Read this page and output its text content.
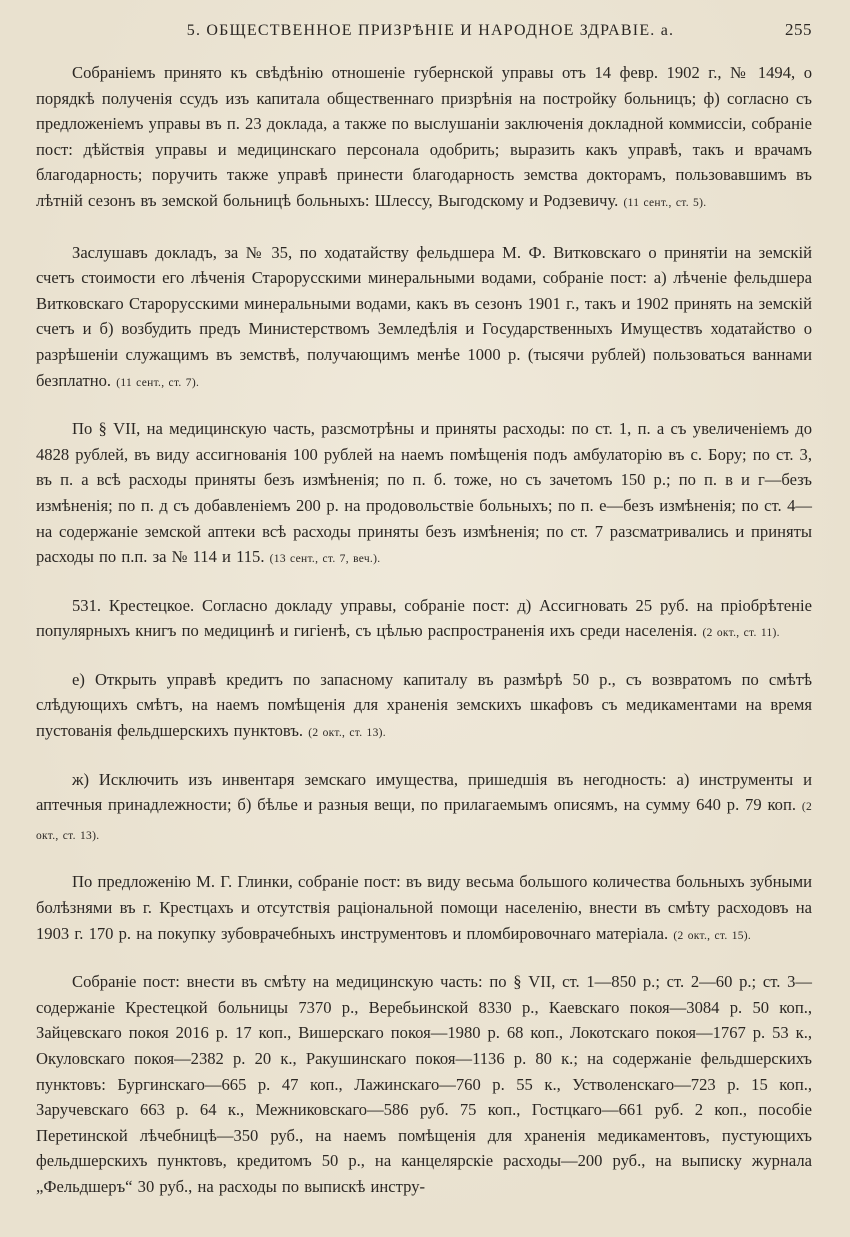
5. ОБЩЕСТВЕННОЕ ПРИЗРѢНІЕ И НАРОДНОЕ ЗДРАВІЕ. а.	255

Собраніемъ принято къ свѣдѣнію отношеніе губернской управы отъ 14 февр. 1902 г., № 1494, о порядкѣ полученія ссудъ изъ капитала общественнаго призрѣнія на постройку больницъ; ф) согласно съ предложеніемъ управы въ п. 23 доклада, а также по выслушаніи заключенія докладной коммиссіи, собраніе пост: дѣйствія управы и медицинскаго персонала одобрить; выразить какъ управѣ, такъ и врачамъ благодарность; поручить также управѣ принести благодарность земства докторамъ, пользовавшимъ въ лѣтній сезонъ въ земской больницѣ больныхъ: Шлессу, Выгодскому и Родзевичу. (11 сент., ст. 5).

Заслушавъ докладъ, за № 35, по ходатайству фельдшера М. Ф. Витковскаго о принятіи на земскій счетъ стоимости его лѣченія Старорусскими минеральными водами, собраніе пост: а) лѣченіе фельдшера Витковскаго Старорусскими минеральными водами, какъ въ сезонъ 1901 г., такъ и 1902 принять на земскій счетъ и б) возбудить предъ Министерствомъ Земледѣлія и Государственныхъ Имуществъ ходатайство о разрѣшеніи служащимъ въ земствѣ, получающимъ менѣе 1000 р. (тысячи рублей) пользоваться ваннами безплатно. (11 сент., ст. 7).

По § VII, на медицинскую часть, разсмотрѣны и приняты расходы: по ст. 1, п. а съ увеличеніемъ до 4828 рублей, въ виду ассигнованія 100 рублей на наемъ помѣщенія подъ амбулаторію въ с. Бору; по ст. 3, въ п. а всѣ расходы приняты безъ измѣненія; по п. б. тоже, но съ зачетомъ 150 р.; по п. в и г—безъ измѣненія; по п. д съ добавленіемъ 200 р. на продовольствіе больныхъ; по п. е—безъ измѣненія; по ст. 4—на содержаніе земской аптеки всѣ расходы приняты безъ измѣненія; по ст. 7 разсматривались и приняты расходы по п.п. за № 114 и 115. (13 сент., ст. 7, веч.).

531. Крестецкое. Согласно докладу управы, собраніе пост: д) Ассигновать 25 руб. на пріобрѣтеніе популярныхъ книгъ по медицинѣ и гигіенѣ, съ цѣлью распространенія ихъ среди населенія. (2 окт., ст. 11).

е) Открыть управѣ кредитъ по запасному капиталу въ размѣрѣ 50 р., съ возвратомъ по смѣтѣ слѣдующихъ смѣтъ, на наемъ помѣщенія для храненія земскихъ шкафовъ съ медикаментами на время пустованія фельдшерскихъ пунктовъ. (2 окт., ст. 13).

ж) Исключить изъ инвентаря земскаго имущества, пришедшія въ негодность: а) инструменты и аптечныя принадлежности; б) бѣлье и разныя вещи, по прилагаемымъ описямъ, на сумму 640 р. 79 коп. (2 окт., ст. 13).

По предложенію М. Г. Глинки, собраніе пост: въ виду весьма большого количества больныхъ зубными болѣзнями въ г. Крестцахъ и отсутствія раціональной помощи населенію, внести въ смѣту расходовъ на 1903 г. 170 р. на покупку зубоврачебныхъ инструментовъ и пломбировочнаго матеріала. (2 окт., ст. 15).

Собраніе пост: внести въ смѣту на медицинскую часть: по § VII, ст. 1—850 р.; ст. 2—60 р.; ст. 3—содержаніе Крестецкой больницы 7370 р., Веребьинской 8330 р., Каевскаго покоя—3084 р. 50 коп., Зайцевскаго покоя 2016 р. 17 коп., Вишерскаго покоя—1980 р. 68 коп., Локотскаго покоя—1767 р. 53 к., Окуловскаго покоя—2382 р. 20 к., Ракушинскаго покоя—1136 р. 80 к.; на содержаніе фельдшерскихъ пунктовъ: Бургинскаго—665 р. 47 коп., Лажинскаго—760 р. 55 к., Устволенскаго—723 р. 15 коп., Заручевскаго 663 р. 64 к., Межниковскаго—586 руб. 75 коп., Гостцкаго—661 руб. 2 коп., пособіе Перетинской лѣчебницѣ—350 руб., на наемъ помѣщенія для храненія медикаментовъ, пустующихъ фельдшерскихъ пунктовъ, кредитомъ 50 р., на канцелярскіе расходы—200 руб., на выписку журнала „Фельдшеръ“ 30 руб., на расходы по выпискѣ инстру-
